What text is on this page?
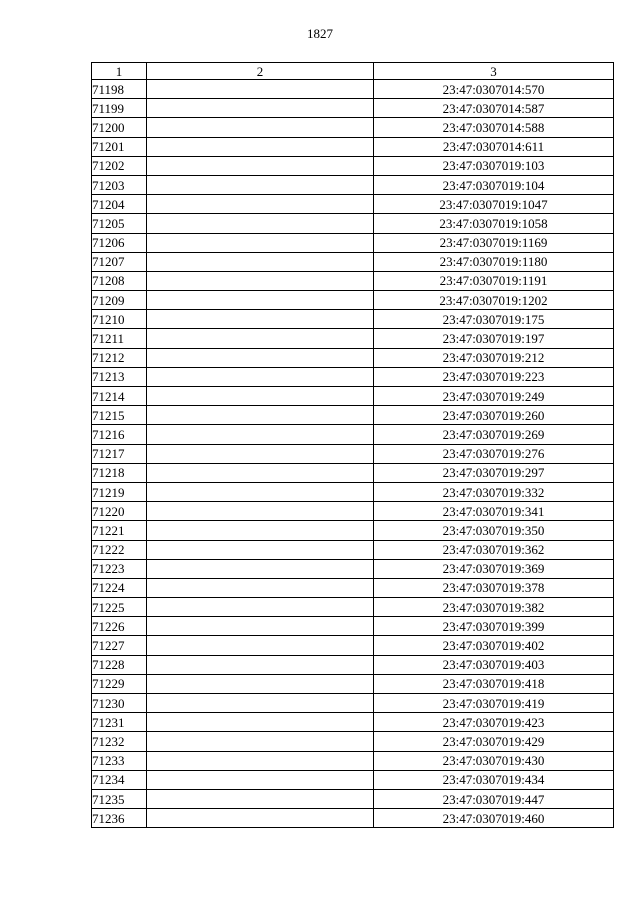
1827
1	2	3
71198		23:47:0307014:570
71199		23:47:0307014:587
71200		23:47:0307014:588
71201		23:47:0307014:611
71202		23:47:0307019:103
71203		23:47:0307019:104
71204		23:47:0307019:1047
71205		23:47:0307019:1058
71206		23:47:0307019:1169
71207		23:47:0307019:1180
71208		23:47:0307019:1191
71209		23:47:0307019:1202
71210		23:47:0307019:175
71211		23:47:0307019:197
71212		23:47:0307019:212
71213		23:47:0307019:223
71214		23:47:0307019:249
71215		23:47:0307019:260
71216		23:47:0307019:269
71217		23:47:0307019:276
71218		23:47:0307019:297
71219		23:47:0307019:332
71220		23:47:0307019:341
71221		23:47:0307019:350
71222		23:47:0307019:362
71223		23:47:0307019:369
71224		23:47:0307019:378
71225		23:47:0307019:382
71226		23:47:0307019:399
71227		23:47:0307019:402
71228		23:47:0307019:403
71229		23:47:0307019:418
71230		23:47:0307019:419
71231		23:47:0307019:423
71232		23:47:0307019:429
71233		23:47:0307019:430
71234		23:47:0307019:434
71235		23:47:0307019:447
71236		23:47:0307019:460
